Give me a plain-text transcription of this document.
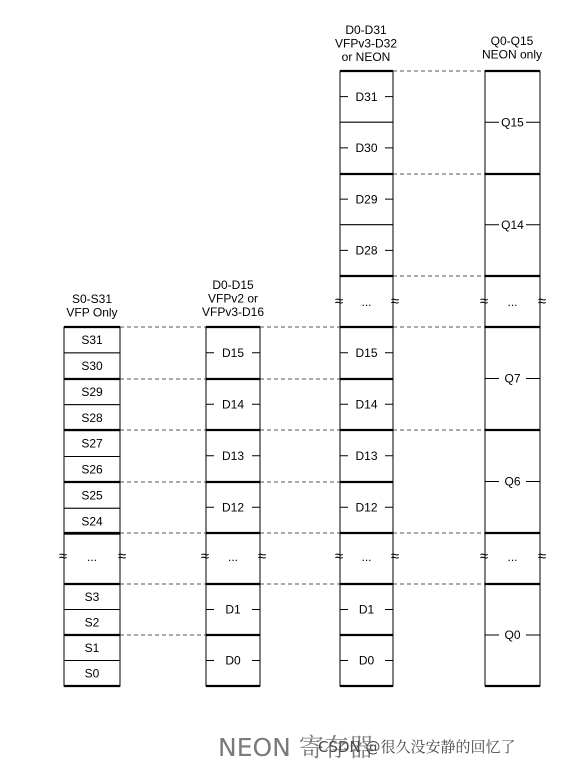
S31
S30
S29
S28
S27
S26
S25
S24
S3
S2
S1
S0
D15
D14
D13
D12
D1
D0
D31
D30
D29
D28
D15
D14
D13
D12
D1
D0
Q15
Q14
Q7
Q6
Q0
≈	≈
...	≈	≈
...
≈	≈
...
≈	≈
...
≈	≈
...
≈	≈
...
S0-S31
VFP Only
D0-D15
VFPv2 or
VFPv3-D16
D0-D31
VFPv3-D32
or NEON
Q0-Q15
NEON only
NEON 寄存器
CSDN @很久没安静的回忆了
